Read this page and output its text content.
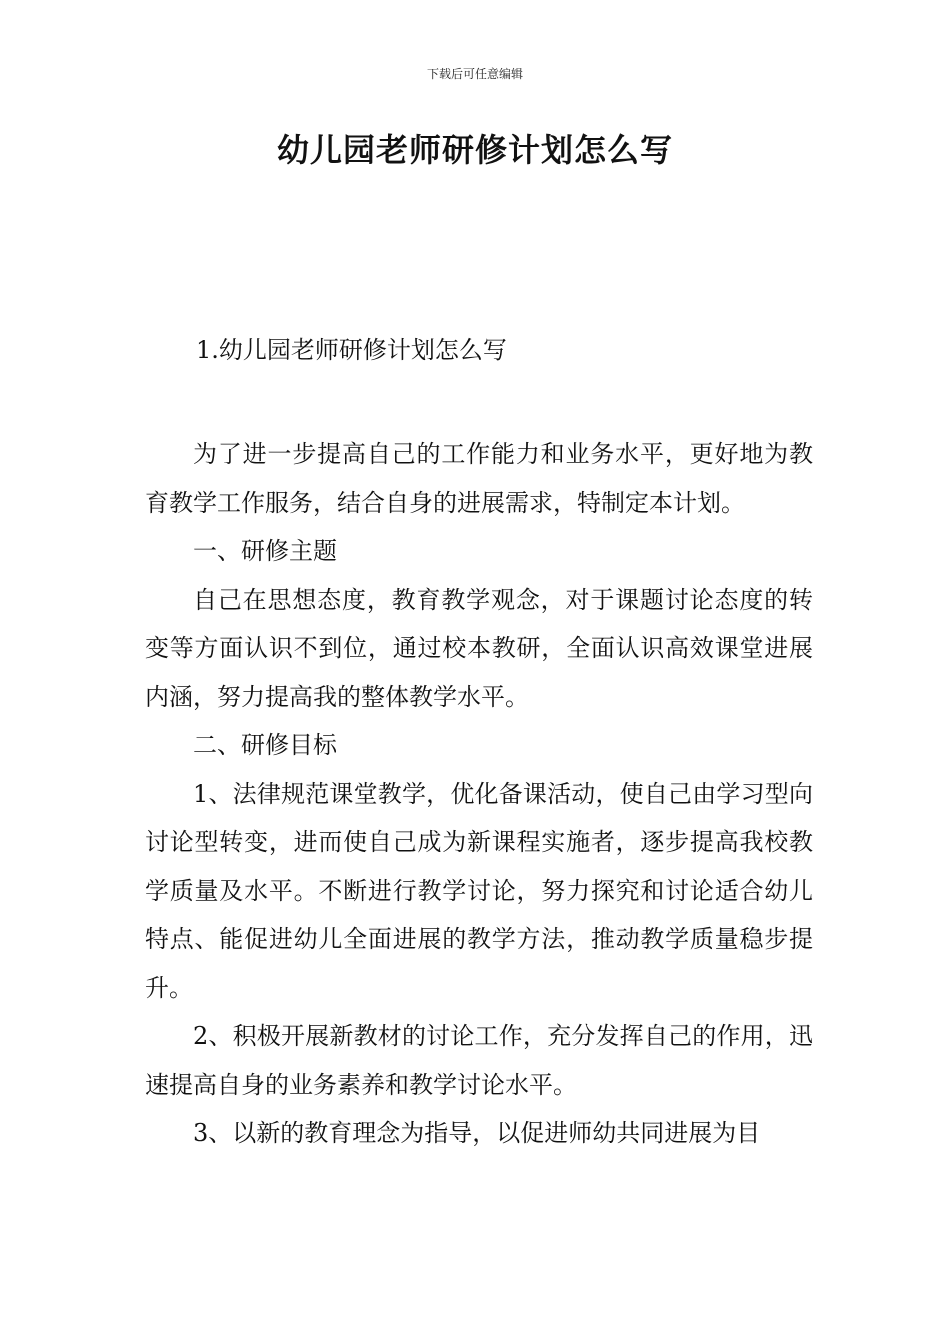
下载后可任意编辑
幼儿园老师研修计划怎么写
1.幼儿园老师研修计划怎么写

为了进一步提高自己的工作能力和业务水平，更好地为教育教学工作服务，结合自身的进展需求，特制定本计划。

一、研修主题

自己在思想态度，教育教学观念，对于课题讨论态度的转变等方面认识不到位，通过校本教研，全面认识高效课堂进展内涵，努力提高我的整体教学水平。

二、研修目标

1、法律规范课堂教学，优化备课活动，使自己由学习型向讨论型转变，进而使自己成为新课程实施者，逐步提高我校教学质量及水平。不断进行教学讨论，努力探究和讨论适合幼儿特点、能促进幼儿全面进展的教学方法，推动教学质量稳步提升。

2、积极开展新教材的讨论工作，充分发挥自己的作用，迅速提高自身的业务素养和教学讨论水平。

3、以新的教育理念为指导，以促进师幼共同进展为目
